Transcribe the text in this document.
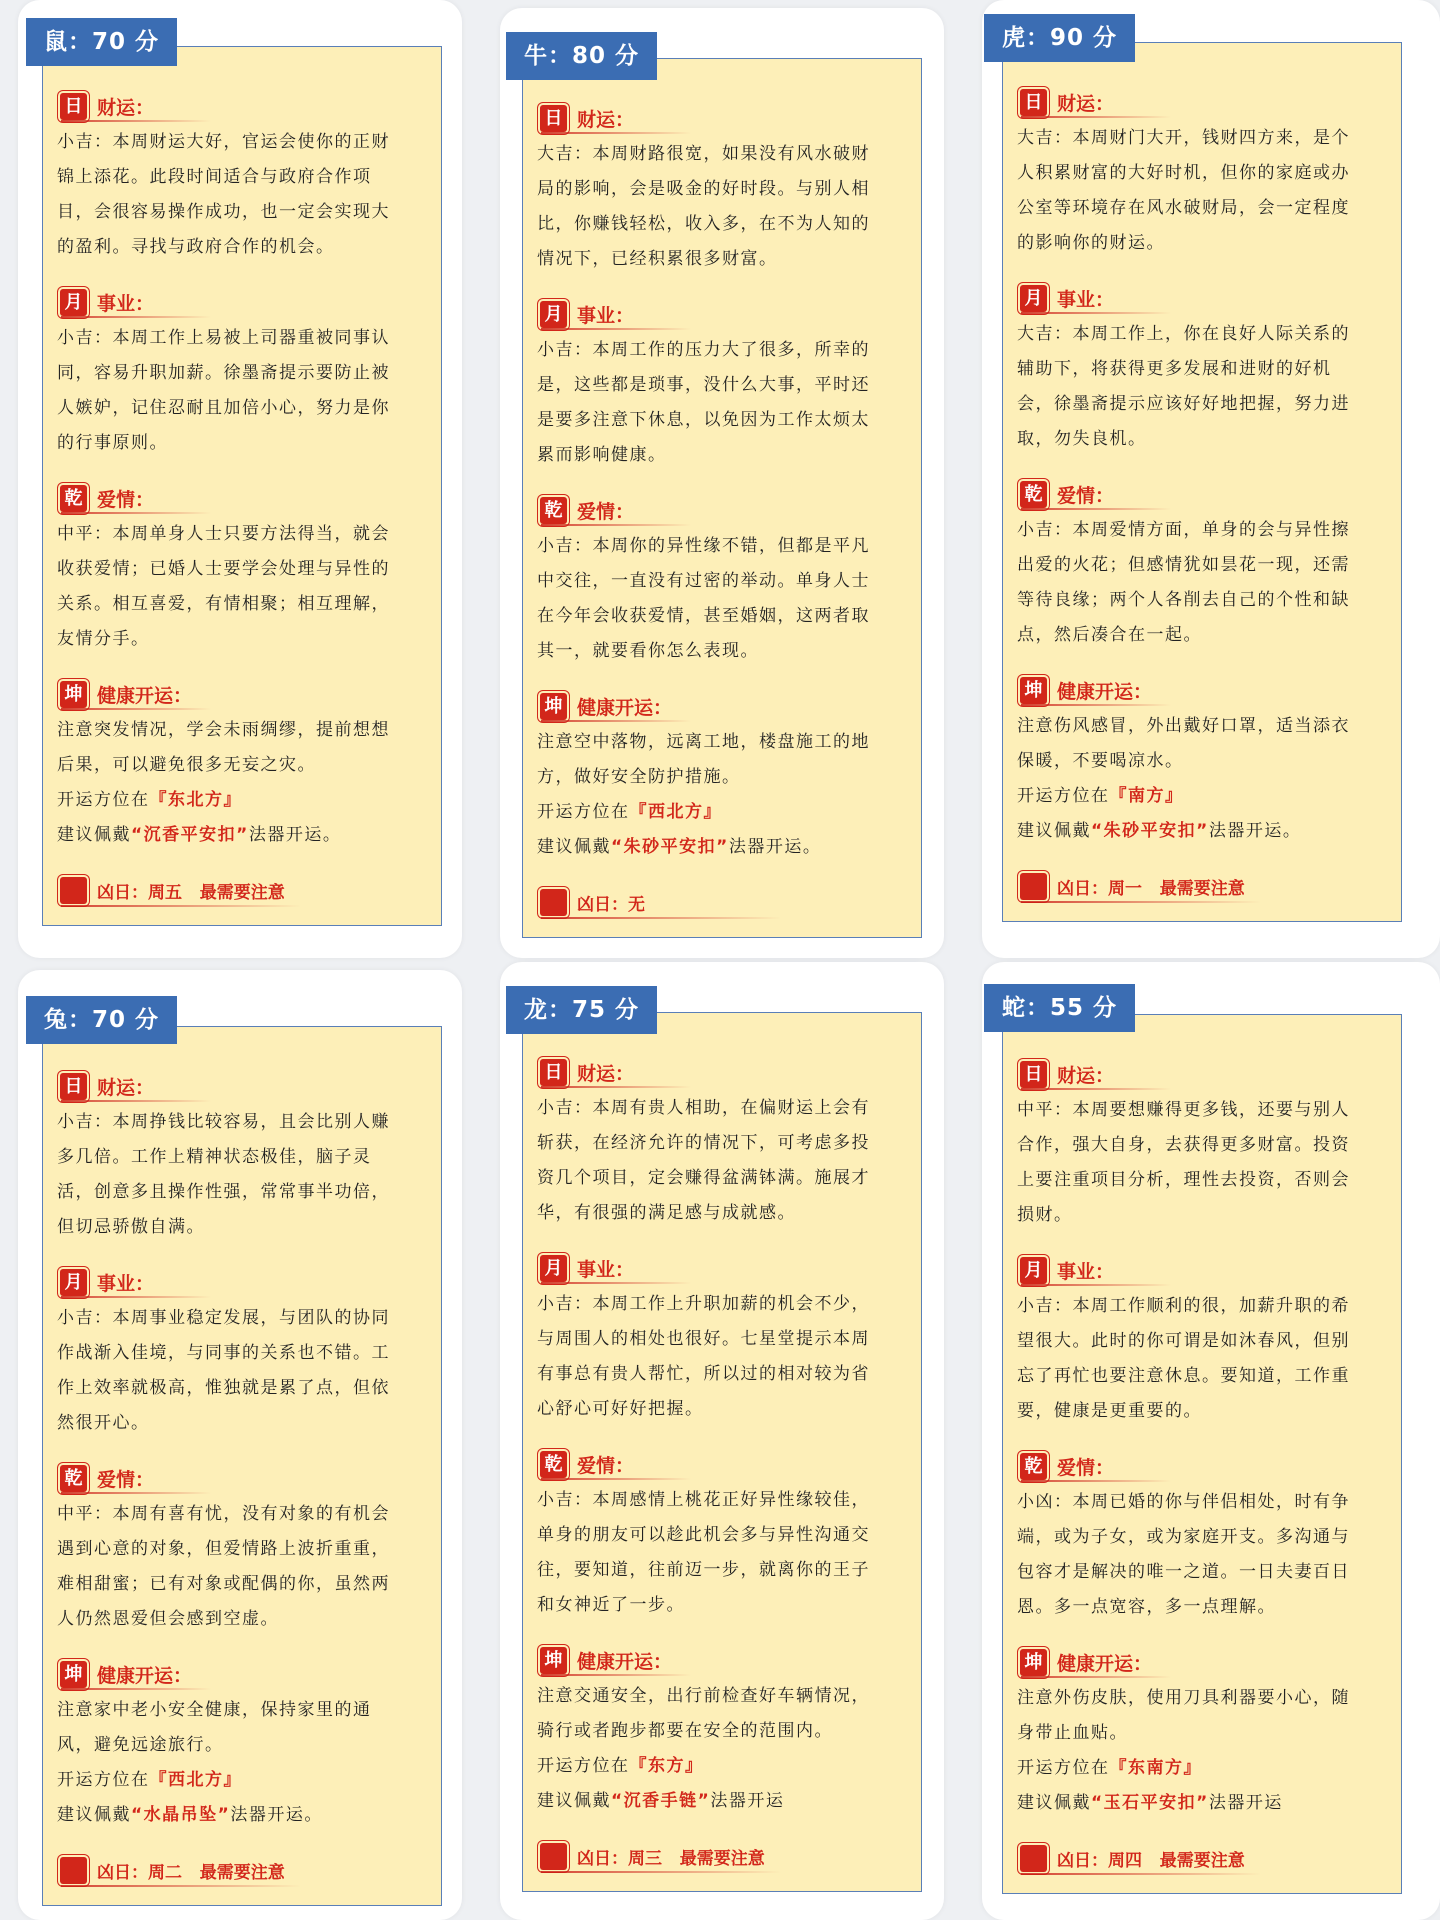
日 财运：
小吉：本周财运大好，官运会使你的正财
锦上添花。此段时间适合与政府合作项
目，会很容易操作成功，也一定会实现大
的盈利。寻找与政府合作的机会。
月 事业：
小吉：本周工作上易被上司器重被同事认
同，容易升职加薪。徐墨斋提示要防止被
人嫉妒，记住忍耐且加倍小心，努力是你
的行事原则。
乾 爱情：
中平：本周单身人士只要方法得当，就会
收获爱情；已婚人士要学会处理与异性的
关系。相互喜爱，有情相聚；相互理解，
友情分手。
坤 健康开运：
注意突发情况，学会未雨绸缪，提前想想
后果，可以避免很多无妄之灾。
开运方位在『东北方』
建议佩戴“沉香平安扣”法器开运。
凶日：周五   最需要注意
鼠：70 分
日 财运：
大吉：本周财路很宽，如果没有风水破财
局的影响，会是吸金的好时段。与别人相
比，你赚钱轻松，收入多，在不为人知的
情况下，已经积累很多财富。
月 事业：
小吉：本周工作的压力大了很多，所幸的
是，这些都是琐事，没什么大事，平时还
是要多注意下休息，以免因为工作太烦太
累而影响健康。
乾 爱情：
小吉：本周你的异性缘不错，但都是平凡
中交往，一直没有过密的举动。单身人士
在今年会收获爱情，甚至婚姻，这两者取
其一，就要看你怎么表现。
坤 健康开运：
注意空中落物，远离工地，楼盘施工的地
方，做好安全防护措施。
开运方位在『西北方』
建议佩戴“朱砂平安扣”法器开运。
凶日：无
牛：80 分
日 财运：
大吉：本周财门大开，钱财四方来，是个
人积累财富的大好时机，但你的家庭或办
公室等环境存在风水破财局，会一定程度
的影响你的财运。
月 事业：
大吉：本周工作上，你在良好人际关系的
辅助下，将获得更多发展和进财的好机
会，徐墨斋提示应该好好地把握，努力进
取，勿失良机。
乾 爱情：
小吉：本周爱情方面，单身的会与异性擦
出爱的火花；但感情犹如昙花一现，还需
等待良缘；两个人各削去自己的个性和缺
点，然后凑合在一起。
坤 健康开运：
注意伤风感冒，外出戴好口罩，适当添衣
保暖，不要喝凉水。
开运方位在『南方』
建议佩戴“朱砂平安扣”法器开运。
凶日：周一   最需要注意
虎：90 分
日 财运：
小吉：本周挣钱比较容易，且会比别人赚
多几倍。工作上精神状态极佳，脑子灵
活，创意多且操作性强，常常事半功倍，
但切忌骄傲自满。
月 事业：
小吉：本周事业稳定发展，与团队的协同
作战渐入佳境，与同事的关系也不错。工
作上效率就极高，惟独就是累了点，但依
然很开心。
乾 爱情：
中平：本周有喜有忧，没有对象的有机会
遇到心意的对象，但爱情路上波折重重，
难相甜蜜；已有对象或配偶的你，虽然两
人仍然恩爱但会感到空虚。
坤 健康开运：
注意家中老小安全健康，保持家里的通
风，避免远途旅行。
开运方位在『西北方』
建议佩戴“水晶吊坠”法器开运。
凶日：周二   最需要注意
兔：70 分
日 财运：
小吉：本周有贵人相助，在偏财运上会有
斩获，在经济允许的情况下，可考虑多投
资几个项目，定会赚得盆满钵满。施展才
华，有很强的满足感与成就感。
月 事业：
小吉：本周工作上升职加薪的机会不少，
与周围人的相处也很好。七星堂提示本周
有事总有贵人帮忙，所以过的相对较为省
心舒心可好好把握。
乾 爱情：
小吉：本周感情上桃花正好异性缘较佳，
单身的朋友可以趁此机会多与异性沟通交
往，要知道，往前迈一步，就离你的王子
和女神近了一步。
坤 健康开运：
注意交通安全，出行前检查好车辆情况，
骑行或者跑步都要在安全的范围内。
开运方位在『东方』
建议佩戴“沉香手链”法器开运
凶日：周三   最需要注意
龙：75 分
日 财运：
中平：本周要想赚得更多钱，还要与别人
合作，强大自身，去获得更多财富。投资
上要注重项目分析，理性去投资，否则会
损财。
月 事业：
小吉：本周工作顺利的很，加薪升职的希
望很大。此时的你可谓是如沐春风，但别
忘了再忙也要注意休息。要知道，工作重
要，健康是更重要的。
乾 爱情：
小凶：本周已婚的你与伴侣相处，时有争
端，或为子女，或为家庭开支。多沟通与
包容才是解决的唯一之道。一日夫妻百日
恩。多一点宽容，多一点理解。
坤 健康开运：
注意外伤皮肤，使用刀具利器要小心，随
身带止血贴。
开运方位在『东南方』
建议佩戴“玉石平安扣”法器开运
凶日：周四   最需要注意
蛇：55 分
